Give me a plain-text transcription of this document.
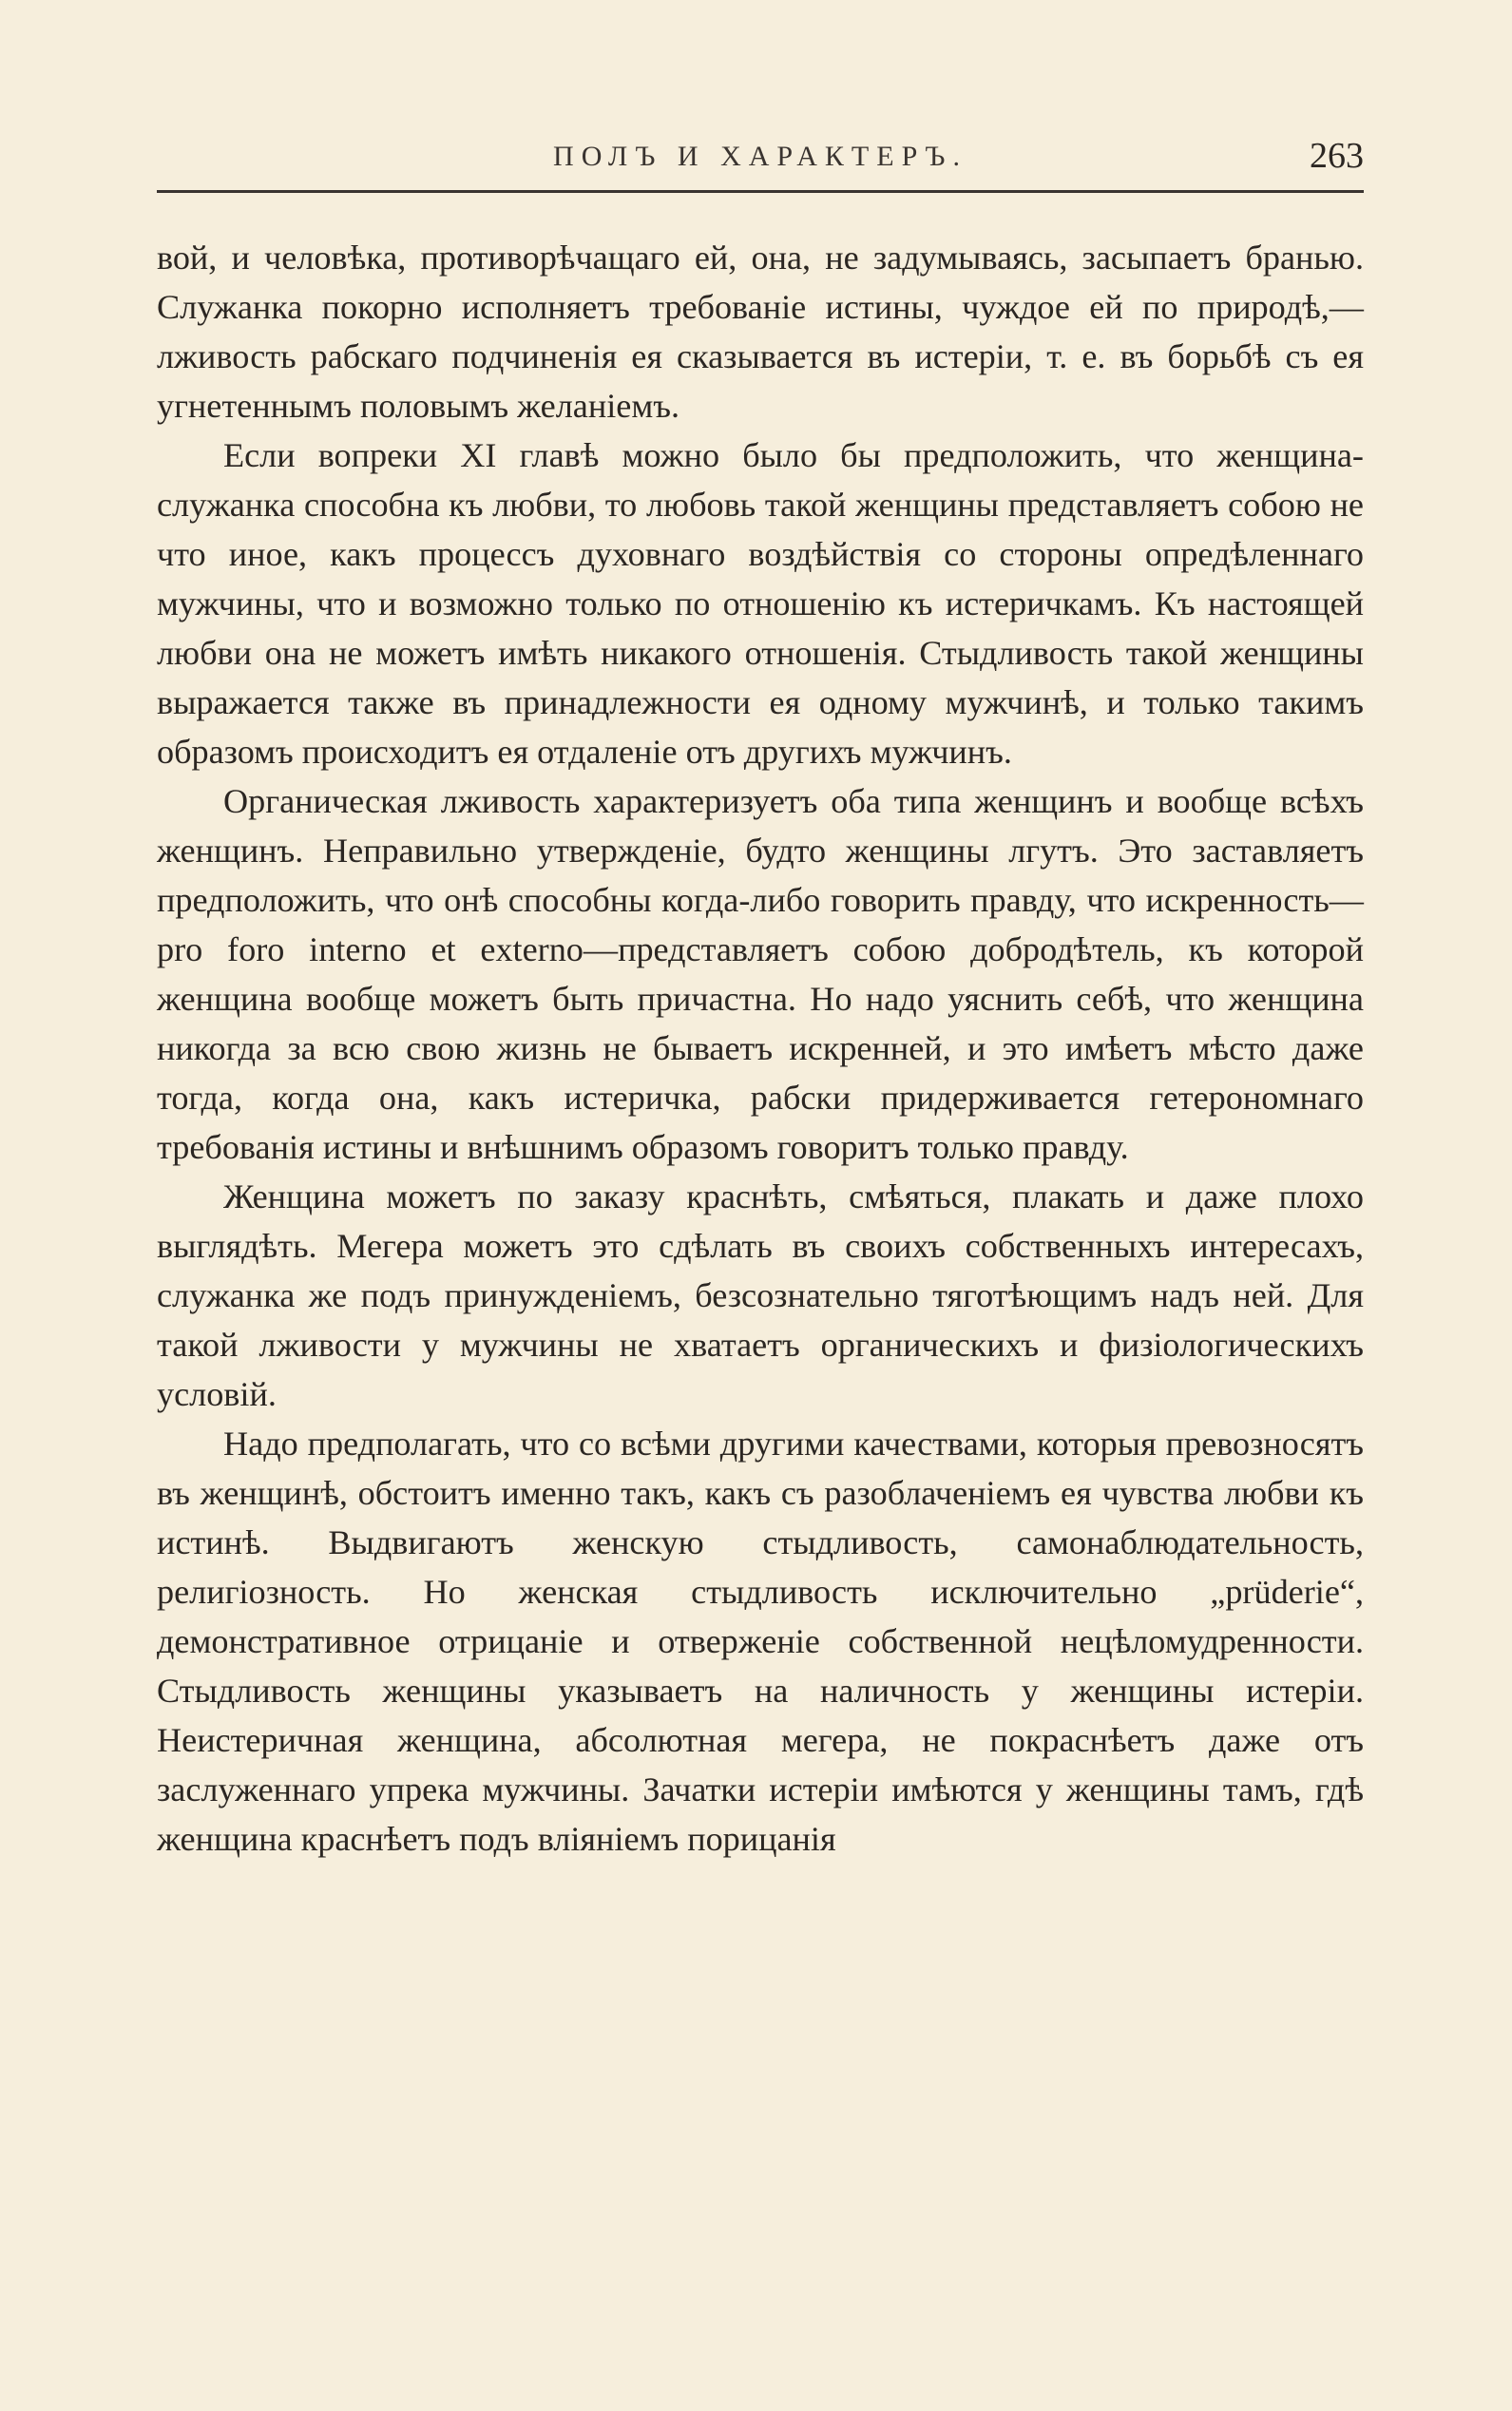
ПОЛЪ И ХАРАКТЕРЪ.	263

вой, и человѣка, противорѣчащаго ей, она, не задумываясь, засыпаетъ бранью. Служанка покорно исполняетъ требованіе истины, чуждое ей по природѣ,—лживость рабскаго подчиненія ея сказывается въ истеріи, т. е. въ борьбѣ съ ея угнетеннымъ половымъ желаніемъ.

Если вопреки XI главѣ можно было бы предположить, что женщина-служанка способна къ любви, то любовь такой женщины представляетъ собою не что иное, какъ процессъ духовнаго воздѣйствія со стороны опредѣленнаго мужчины, что и возможно только по отношенію къ истеричкамъ. Къ настоящей любви она не можетъ имѣть никакого отношенія. Стыдливость такой женщины выражается также въ принадлежности ея одному мужчинѣ, и только такимъ образомъ происходитъ ея отдаленіе отъ другихъ мужчинъ.

Органическая лживость характеризуетъ оба типа женщинъ и вообще всѣхъ женщинъ. Неправильно утвержденіе, будто женщины лгутъ. Это заставляетъ предположить, что онѣ способны когда-либо говорить правду, что искренность—pro foro interno et externo—представляетъ собою добродѣтель, къ которой женщина вообще можетъ быть причастна. Но надо уяснить себѣ, что женщина никогда за всю свою жизнь не бываетъ искренней, и это имѣетъ мѣсто даже тогда, когда она, какъ истеричка, рабски придерживается гетерономнаго требованія истины и внѣшнимъ образомъ говоритъ только правду.

Женщина можетъ по заказу краснѣть, смѣяться, плакать и даже плохо выглядѣть. Мегера можетъ это сдѣлать въ своихъ собственныхъ интересахъ, служанка же подъ принужденіемъ, безсознательно тяготѣющимъ надъ ней. Для такой лживости у мужчины не хватаетъ органическихъ и физіологическихъ условій.

Надо предполагать, что со всѣми другими качествами, которыя превозносятъ въ женщинѣ, обстоитъ именно такъ, какъ съ разоблаченіемъ ея чувства любви къ истинѣ. Выдвигаютъ женскую стыдливость, самонаблюдательность, религіозность. Но женская стыдливость исключительно „prüderie“, демонстративное отрицаніе и отверженіе собственной нецѣломудренности. Стыдливость женщины указываетъ на наличность у женщины истеріи. Неистеричная женщина, абсолютная мегера, не покраснѣетъ даже отъ заслуженнаго упрека мужчины. Зачатки истеріи имѣются у женщины тамъ, гдѣ женщина краснѣетъ подъ вліяніемъ порицанія
